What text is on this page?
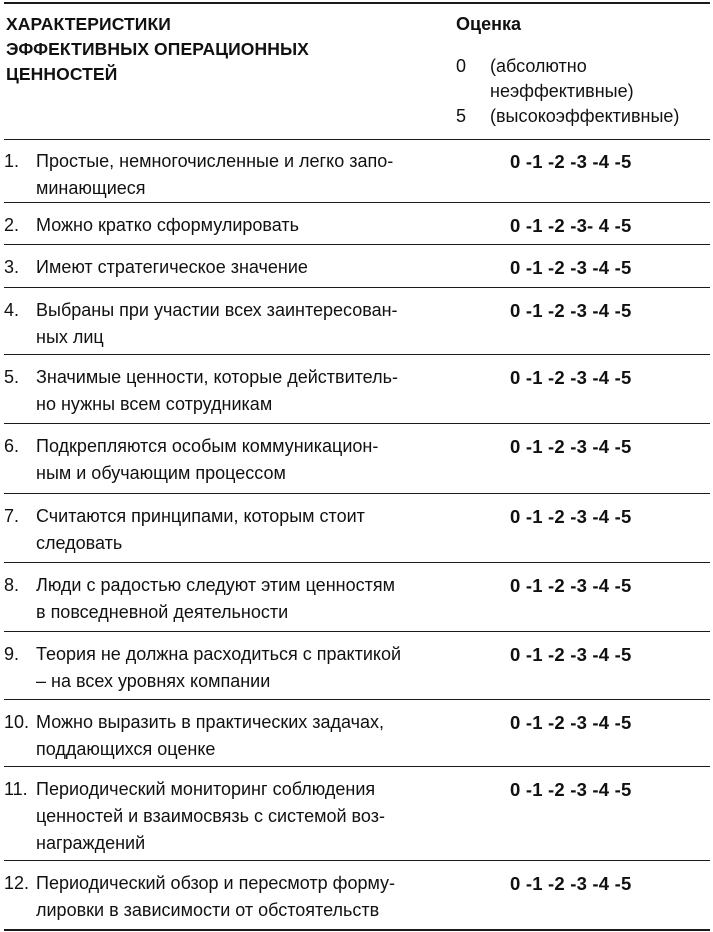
ХАРАКТЕРИСТИКИ
ЭФФЕКТИВНЫХ ОПЕРАЦИОННЫХ
ЦЕННОСТЕЙ
Оценка
0	(абсолютно
неэффективные)
5	(высокоэффективные)
1. Простые, немногочисленные и легко запо-
минающиеся
0 -1 -2 -3 -4 -5
2. Можно кратко сформулировать	0 -1 -2 -3- 4 -5
3. Имеют стратегическое значение	0 -1 -2 -3 -4 -5
4. Выбраны при участии всех заинтересован-
ных лиц
0 -1 -2 -3 -4 -5
5. Значимые ценности, которые действитель-
но нужны всем сотрудникам
0 -1 -2 -3 -4 -5
6. Подкрепляются особым коммуникацион-
ным и обучающим процессом
0 -1 -2 -3 -4 -5
7. Считаются принципами, которым стоит
следовать
0 -1 -2 -3 -4 -5
8. Люди с радостью следуют этим ценностям
в повседневной деятельности
0 -1 -2 -3 -4 -5
9. Теория не должна расходиться с практикой
– на всех уровнях компании
0 -1 -2 -3 -4 -5
10. Можно выразить в практических задачах,
поддающихся оценке
0 -1 -2 -3 -4 -5
11. Периодический мониторинг соблюдения
ценностей и взаимосвязь с системой воз-
награждений
0 -1 -2 -3 -4 -5
12. Периодический обзор и пересмотр форму-
лировки в зависимости от обстоятельств
0 -1 -2 -3 -4 -5
